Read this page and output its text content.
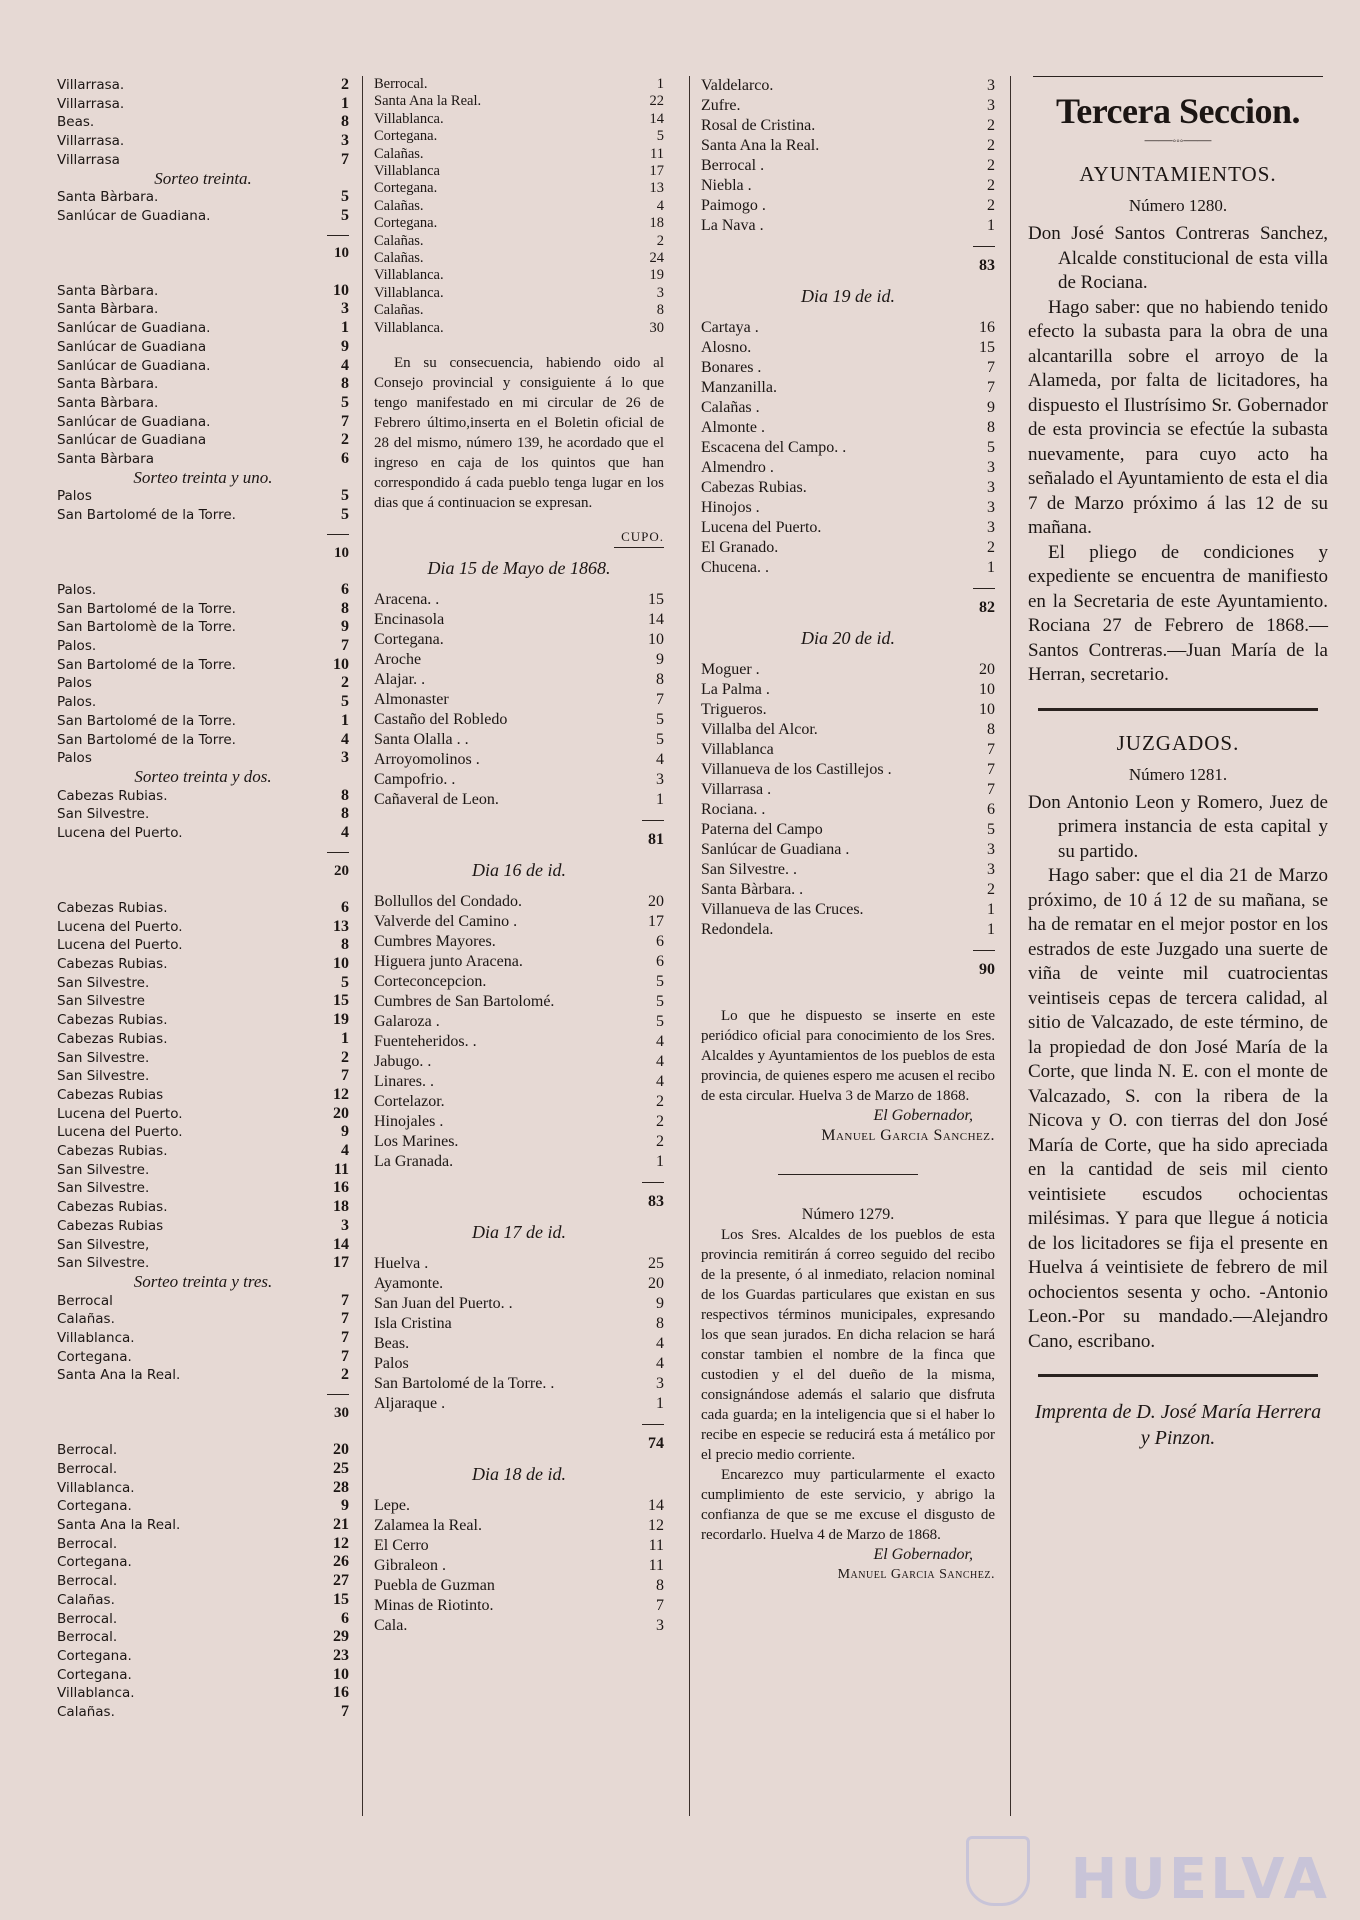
Villarrasa.	2
Villarrasa.	1
Beas.	8
Villarrasa.	3
Villarrasa	7
Sorteo treinta.
Santa Bàrbara.	5
Sanlúcar de Guadiana.	5
10
Santa Bàrbara.	10
Santa Bàrbara.	3
Sanlúcar de Guadiana.	1
Sanlúcar de Guadiana	9
Sanlúcar de Guadiana.	4
Santa Bàrbara.	8
Santa Bàrbara.	5
Sanlúcar de Guadiana.	7
Sanlúcar de Guadiana	2
Santa Bàrbara	6
Sorteo treinta y uno.
Palos	5
San Bartolomé de la Torre.	5
10
Palos.	6
San Bartolomé de la Torre.	8
San Bartolomè de la Torre.	9
Palos.	7
San Bartolomé de la Torre.	10
Palos	2
Palos.	5
San Bartolomé de la Torre.	1
San Bartolomé de la Torre.	4
Palos	3
Sorteo treinta y dos.
Cabezas Rubias.	8
San Silvestre.	8
Lucena del Puerto.	4
20
Cabezas Rubias.	6
Lucena del Puerto.	13
Lucena del Puerto.	8
Cabezas Rubias.	10
San Silvestre.	5
San Silvestre	15
Cabezas Rubias.	19
Cabezas Rubias.	1
San Silvestre.	2
San Silvestre.	7
Cabezas Rubias	12
Lucena del Puerto.	20
Lucena del Puerto.	9
Cabezas Rubias.	4
San Silvestre.	11
San Silvestre.	16
Cabezas Rubias.	18
Cabezas Rubias	3
San Silvestre,	14
San Silvestre.	17
Sorteo treinta y tres.
Berrocal	7
Calañas.	7
Villablanca.	7
Cortegana.	7
Santa Ana la Real.	2
30
Berrocal.	20
Berrocal.	25
Villablanca.	28
Cortegana.	9
Santa Ana la Real.	21
Berrocal.	12
Cortegana.	26
Berrocal.	27
Calañas.	15
Berrocal.	6
Berrocal.	29
Cortegana.	23
Cortegana.	10
Villablanca.	16
Calañas.	7
Berrocal.	1
Santa Ana la Real.	22
Villablanca.	14
Cortegana.	5
Calañas.	11
Villablanca	17
Cortegana.	13
Calañas.	4
Cortegana.	18
Calañas.	2
Calañas.	24
Villablanca.	19
Villablanca.	3
Calañas.	8
Villablanca.	30

En su consecuencia, habiendo oido al Consejo provincial y consiguiente á lo que tengo manifestado en mi circular de 26 de Febrero último,inserta en el Boletin oficial de 28 del mismo, número 139, he acordado que el ingreso en caja de los quintos que han correspondido á cada pueblo tenga lugar en los dias que á continuacion se expresan.

CUPO.
Dia 15 de Mayo de 1868.
Aracena. .	15
Encinasola	14
Cortegana.	10
Aroche	9
Alajar. .	8
Almonaster	7
Castaño del Robledo	5
Santa Olalla . .	5
Arroyomolinos .	4
Campofrio. .	3
Cañaveral de Leon.	1
81
Dia 16 de id.
Bollullos del Condado.	20
Valverde del Camino .	17
Cumbres Mayores.	6
Higuera junto Aracena.	6
Corteconcepcion.	5
Cumbres de San Bartolomé.	5
Galaroza .	5
Fuenteheridos. .	4
Jabugo. .	4
Linares. .	4
Cortelazor.	2
Hinojales .	2
Los Marines.	2
La Granada.	1
83
Dia 17 de id.
Huelva .	25
Ayamonte.	20
San Juan del Puerto. .	9
Isla Cristina	8
Beas.	4
Palos	4
San Bartolomé de la Torre. .	3
Aljaraque .	1
74
Dia 18 de id.
Lepe.	14
Zalamea la Real.	12
El Cerro	11
Gibraleon .	11
Puebla de Guzman	8
Minas de Riotinto.	7
Cala.	3
Valdelarco.	3
Zufre.	3
Rosal de Cristina.	2
Santa Ana la Real.	2
Berrocal .	2
Niebla .	2
Paimogo .	2
La Nava .	1
83
Dia 19 de id.
Cartaya .	16
Alosno.	15
Bonares .	7
Manzanilla.	7
Calañas .	9
Almonte .	8
Escacena del Campo. .	5
Almendro .	3
Cabezas Rubias.	3
Hinojos .	3
Lucena del Puerto.	3
El Granado.	2
Chucena. .	1
82
Dia 20 de id.
Moguer .	20
La Palma .	10
Trigueros.	10
Villalba del Alcor.	8
Villablanca	7
Villanueva de los Castillejos .	7
Villarrasa .	7
Rociana. .	6
Paterna del Campo	5
Sanlúcar de Guadiana .	3
San Silvestre. .	3
Santa Bàrbara. .	2
Villanueva de las Cruces.	1
Redondela.	1
90

Lo que he dispuesto se inserte en este periódico oficial para conocimiento de los Sres. Alcaldes y Ayuntamientos de los pueblos de esta provincia, de quienes espero me acusen el recibo de esta circular. Huelva 3 de Marzo de 1868.

El Gobernador,
Manuel Garcia Sanchez.
Número 1279.

Los Sres. Alcaldes de los pueblos de esta provincia remitirán á correo seguido del recibo de la presente, ó al inmediato, relacion nominal de los Guardas particulares que existan en sus respectivos términos municipales, expresando los que sean jurados. En dicha relacion se hará constar tambien el nombre de la finca que custodien y el del dueño de la misma, consignándose además el salario que disfruta cada guarda; en la inteligencia que si el haber lo recibe en especie se reducirá esta á metálico por el precio medio corriente.

Encarezco muy particularmente el exacto cumplimiento de este servicio, y abrigo la confianza de que se me excuse el disgusto de recordarlo. Huelva 4 de Marzo de 1868.

El Gobernador,
Manuel Garcia Sanchez.
Tercera Seccion.
——◦◦◦——
AYUNTAMIENTOS.
Número 1280.

Don José Santos Contreras Sanchez, Alcalde constitucional de esta villa de Rociana.

Hago saber: que no habiendo tenido efecto la subasta para la obra de una alcantarilla sobre el arroyo de la Alameda, por falta de licitadores, ha dispuesto el Ilustrísimo Sr. Gobernador de esta provincia se efectúe la subasta nuevamente, para cuyo acto ha señalado el Ayuntamiento de esta el dia 7 de Marzo próximo á las 12 de su mañana.

El pliego de condiciones y expediente se encuentra de manifiesto en la Secretaria de este Ayuntamiento. Rociana 27 de Febrero de 1868.—Santos Contreras.—Juan María de la Herran, secretario.

JUZGADOS.
Número 1281.

Don Antonio Leon y Romero, Juez de primera instancia de esta capital y su partido.

Hago saber: que el dia 21 de Marzo próximo, de 10 á 12 de su mañana, se ha de rematar en el mejor postor en los estrados de este Juzgado una suerte de viña de veinte mil cuatrocientas veintiseis cepas de tercera calidad, al sitio de Valcazado, de este término, de la propiedad de don José María de la Corte, que linda N. E. con el monte de Valcazado, S. con la ribera de la Nicova y O. con tierras del don José María de Corte, que ha sido apreciada en la cantidad de seis mil ciento veintisiete escudos ochocientas milésimas. Y para que llegue á noticia de los licitadores se fija el presente en Huelva á veintisiete de febrero de mil ochocientos sesenta y ocho. -Antonio Leon.-Por su mandado.—Alejandro Cano, escribano.

Imprenta de D. José María Herrera y Pinzon.
HUELVA
